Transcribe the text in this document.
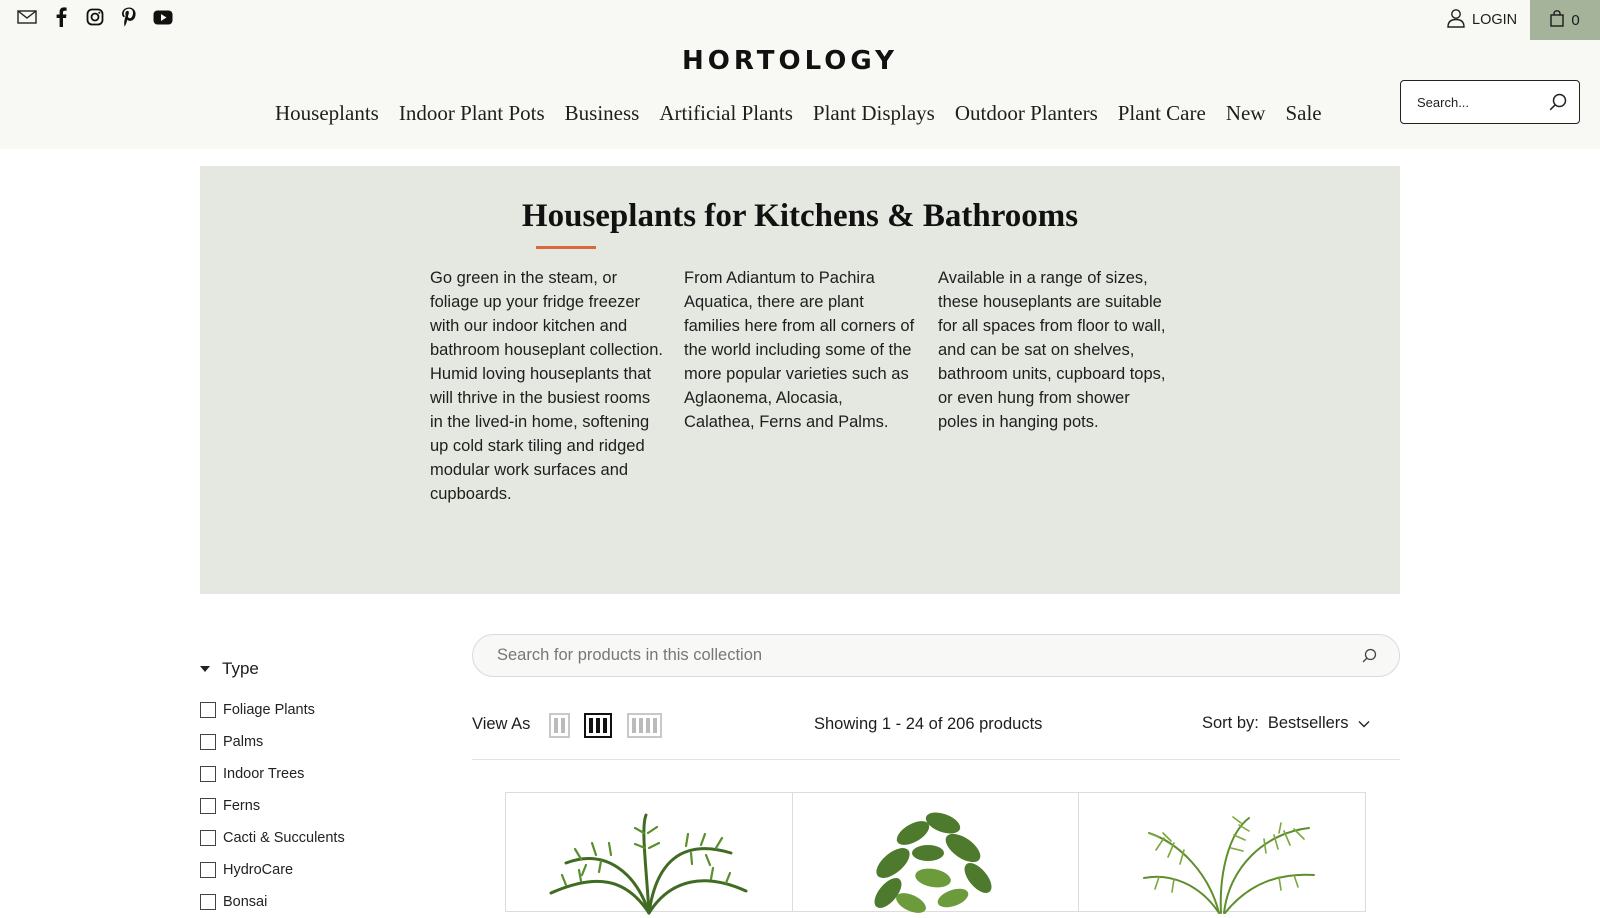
LOGIN	0
HORTOLOGY
Houseplants Indoor Plant Pots Business Artificial Plants Plant Displays Outdoor Planters Plant Care New Sale
Search...
Houseplants for Kitchens & Bathrooms

Go green in the steam, or foliage up your fridge freezer with our indoor kitchen and bathroom houseplant collection. Humid loving houseplants that will thrive in the busiest rooms in the lived-in home, softening up cold stark tiling and ridged modular work surfaces and cupboards.

From Adiantum to Pachira Aquatica, there are plant families here from all corners of the world including some of the more popular varieties such as Aglaonema, Alocasia, Calathea, Ferns and Palms.

Available in a range of sizes, these houseplants are suitable for all spaces from floor to wall, and can be sat on shelves, bathroom units, cupboard tops, or even hung from shower poles in hanging pots.

Type
Foliage Plants
Palms
Indoor Trees
Ferns
Cacti & Succulents
HydroCare
Bonsai
Search for products in this collection
View As	Showing 1 - 24 of 206 products	Sort by: Bestsellers
